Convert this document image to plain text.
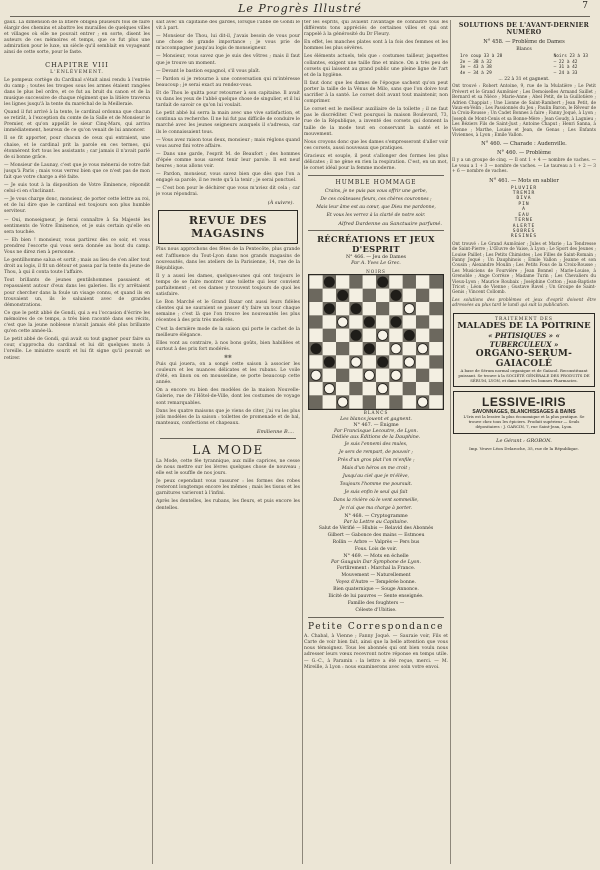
Le Progrès Illustré	7

gaux. La dimension de la litière obligea plusieurs fois de faire élargir des chemins et abattre les murailles de quelques villes et villages où elle ne pouvait entrer ; en sorte, disent les auteurs de ces mémoires et temps, que ce fut plus une admiration pour le luxe, un siècle qu'il semblait en voyageant ainsi de cette sorte, pour le faste.

CHAPITRE VIII
L'ENLÈVEMENT.

Le pompeux cortège du Cardinal s'était ainsi rendu à l'entrée du camp ; toutes les troupes sous les armes étaient rangées dans le plus bel ordre, et ce fut au bruit du canon et de la musique successive de chaque régiment que la litière traversa les lignes jusqu'à la tente du maréchal de la Meilleraie.

Quand il fut arrivé à la tente, le cardinal ordonna que chacun se retirât, à l'exception du comte de la Salle et de Monsieur le Premier, et qu'on appelât le sieur Cinq-Mars, qui arriva immédiatement, heureux de ce qu'on venait de lui annoncer.

Il se fit apporter, pour chacun de ceux qui entraient, une chaise, et le cardinal prit la parole en ces termes, qui étonnèrent fort tous les assistants ; car jamais il n'avait parlé de si bonne grâce.

— Monsieur de Launay, c'est que je vous mènerai de votre fait jusqu'à Paris ; mais vous verrez bien que ce n'est pas de mon fait que votre charge a été faite.

— Je suis tout à la disposition de Votre Éminence, répondit celui-ci en s'inclinant.

— Je vous charge donc, monsieur, de porter cette lettre au roi, et de lui dire que le cardinal est toujours son plus humble serviteur.

— Oui, monseigneur, je ferai connaître à Sa Majesté les sentiments de Votre Éminence, et je suis certain qu'elle en sera touchée.

— Eh bien ! monsieur, vous partirez dès ce soir, et vous prendrez l'escorte qui vous sera donnée au bout du camp. Vous ne direz rien à personne.

Le gentilhomme salua et sortit ; mais au lieu de s'en aller tout droit au logis, il fit un détour et passa par la tente du jeune de Thou, à qui il conta toute l'affaire.

Tout brillants de jeunes gentilshommes passaient et repassaient autour d'eux dans les galeries. Ils s'y arrêtaient pour chercher dans la foule un visage connu, et quand ils en trouvaient un, ils le saluaient avec de grandes démonstrations.

Ce que le petit abbé de Gondi, qui a eu l'occasion d'écrire les mémoires de ce temps, a très bien raconté dans ses récits, c'est que la jeune noblesse n'avait jamais été plus brillante qu'en cette année-là.

Le petit abbé de Gondi, qui avait su tout gagner pour faire sa cour, s'approcha du cardinal et lui dit quelques mots à l'oreille. Le ministre sourit et lui fit signe qu'il pouvait se retirer.

sait avec un capitaine des gardes, lorsque l'abbé de Gondi le vit à part.

— Monsieur de Thou, lui dit-il, j'avais besoin de vous pour une chose de grande importance ; je vous prie de m'accompagner jusqu'au logis de monseigneur.

— Monsieur, vous savez que je suis des vôtres ; mais il faut que je trouve un moment.

— Devant le bastion espagnol, s'il vous plaît.

— Pardon si je retourne à une conversation qui m'intéresse beaucoup ; je serai exact au rendez-vous.

Et de Thou le quitta pour retourner à son capitaine. Il avait vu dans les yeux de l'abbé quelque chose de singulier, et il lui tardait de savoir ce qu'on lui voulait.

Le petit abbé lui serra la main avec une vive satisfaction, et continua sa recherche. Il ne lui fut pas difficile de conduire le marché avec les jeunes seigneurs auxquels il s'adressa, car ils le connaissaient tous.

— Vous avez raison tous deux, monsieur ; mais réglons quand vous aurez fini votre affaire.

— Dans une garde, l'esprit M. de Beaufort ; des hommes d'épée comme nous savent tenir leur parole. Il est neuf heures ; nous allons voir.

— Pardon, monsieur, vous savez bien que dès que l'on a engagé sa parole, il ne reste qu'à la tenir ; je serai ponctuel.

— C'est bon pour le déchirer que vous m'aviez dit cela ; car je vous répondrai.

(À suivre).
REVUE DES MAGASINS

Plus nous approchons des fêtes de la Pentecôte, plus grande est l'affluence du Tout-Lyon dans nos grands magasins de nouveautés, dans les ateliers de la Parisienne, 14, rue de la République.

Il y a aussi les dames, quelques-unes qui ont toujours le temps de se faire montrer une toilette qui leur convient parfaitement ; et ces dames y trouvent toujours de quoi les satisfaire.

Le Bon Marché et le Grand Bazar ont aussi leurs fidèles clientes qui ne sauraient se passer d'y faire un tour chaque semaine ; c'est là que l'on trouve les nouveautés les plus récentes à des prix très modérés.

C'est la dernière mode de la saison qui porte le cachet de la meilleure élégance.

Elles vont au contraire, à nos bons goûts, bien habillées et surtout à des prix fort modérés.

✻✻

Puis qui jouera, on a songé cette saison à associer les couleurs et les nuances délicates et les rubans. Le voile d'été, en linon ou en mousseline, se porte beaucoup cette année.

On a encore vu bien des modèles de la maison Nouvelle-Galerie, rue de l'Hôtel-de-Ville, dont les costumes de voyage sont remarquables.

Dans les quatre maisons que je viens de citer, j'ai vu les plus jolis modèles de la saison : toilettes de promenade et de bal, manteaux, confections et chapeaux.

Emilienne B....
LA MODE

La Mode, cette fée tyrannique, aux mille caprices, ne cesse de nous mettre sur les lèvres quelques chose de nouveau ; elle est le souffle de nos jours.

Je peux cependant vous rassurer : les formes des robes resteront longtemps encore les mêmes ; mais les tissus et les garnitures varieront à l'infini.

Après les dentelles, les rubans, les fleurs, et puis encore les dentelles.

ter les esprits, qui avaient l'avantage de connaître tous les différents tons appréciés de certaines villes et qui ont rappelé à la générosité du Dr Fleury.

En effet, les manches plates sont à la fois des femmes et les hommes les plus sévères.

Les éléments actuels, tels que : costumes tailleur, jaquettes collantes, exigent une taille fine et mince. On a très peu de corsets qui laissent au grand public une pleine ligne de l'art et de la hygiène.

Il faut donc que les dames de l'époque sachent qu'on peut porter la taille de la Vénus de Milo, sans que l'on doive tout sacrifier à la santé. Le corset doit avant tout maintenir, non comprimer.

Le corset est le meilleur auxiliaire de la toilette ; il ne faut pas le discréditer. C'est pourquoi la maison Boulevard, 73, rue de la République, a inventé des corsets qui donnent la taille de la mode tout en conservant la santé et le mouvement.

Nous croyons donc que les dames s'empresseront d'aller voir ces corsets, aussi nouveaux que pratiques.

Gracieux et souple, il peut s'allonger des formes les plus délicates ; il ne gène en rien la respiration. C'est, en un mot, le corset idéal pour la femme moderne.

HUMBLE HOMMAGE
Crains, je ne puis pas vous offrir une gerbe,
De ces coûteuses fleurs, ces chères couronnes ;
Mais leur âme est au cœur, que Dieu me pardonne,
Et vous les verrez à la clarté de notre soir.
Alfred Dardenne au Sanctuaire parfumé.
RÉCRÉATIONS ET JEUX D'ESPRIT
N° 466. — Jeu de Dames
Par A. Yves Le Grec.
NOIRS
BLANCS
Les blancs jouent et gagnent.
N° 467. — Énigme
Par Francisque Lecoutre, de Lyon.
Dédiée aux Éditions de la Dauphine.
Je suis l'ennemi des mules,
Je sers de rempart, de pouvoir ;
Près d'un gros plat l'on m'enfile ;
Mais d'un héros on me croit ;
Jusqu'au ciel que je m'élève,
Toujours l'homme me poursuit.
Je suis enfin le seul qui fait
Dans la rivière où le vent sommeille,
Je n'ai que ma charge à porter.
N° 468. — Cryptogramme
Par la Lettre au Capitaine.
Salut de Vérifié — Hlubis — Relavid des Abonnés
Gilbert — Gabonce des mains — Estmoeu
Rollin — Arbre — Valprès — Pers bus
Fous. Lois de voir.
N° 469. — Mots en échelle
Par Gauguin Dar Symphone de Lyon.
Fortlirement : Marchal la France.
Mouvement — Naturellement
Voyez d'Autre — Tempérée bonne.
Bien quaternique — Souge Annonce.
Ilicité de lui pauvres — Sente enseignée.
Famille des foughters —
Céleste d'Ubitise.
Petite Correspondance

A. Chabal, à Vienne ; Fanny Joqué. — Sauraie voir, Fils et Carte de voir bien fait, ainsi que la belle attention que vous nous témoignez. Tous les abonnés qui ont bien voulu nous adresser leurs vœux recevront notre réponse en temps utile. — G.-C., à Paramin : la lettre a été reçue, merci. — M. Mireille, à Lyon : nous examinerons avec soin votre envoi.

SOLUTIONS DE L'AVANT-DERNIER NUMÉRO
N° 458. — Problème de Dames
Blancs
1re coup 33 à 28
2e — 38 à 32
3e — 43 à 38
4e — 34 à 29
Noirs 23 à 33
— 22 à 42
— 31 à 42
— 24 à 33
... 22 à 31 et gagnent.

Ont trouvé : Robert Antoine, 9, rue de la Mulatière ; Le Petit Prévert et le Grand Aumônier ; Les Demoiselles Armand Saillet ; Bernard et sa Nièce ; Marie-Anne ; Abel Petit, de la Guillotière ; Adrien Chappiat ; Une Lionne de Saint-Rambert ; Jean Petit, de Vaux-en-Velin ; Les Passionnés du Jeu ; Paulin Baron, le Rêveur de la Croix-Rousse ; Un Cadet Bonnes à faire ; Fanny Joqué, à Lyon ; Joseph de Mont-Cenis et sa Bonne-Mère ; Jean Goudy, à Lagnieu ; Les Béziers Fils de Saint-Just ; Antoine Chaput ; Henri Sanna, à Vienne ; Marthe, Louise et Jean, de Genas ; Les Enfants Viviennes, à Lyon ; Emile Vallon.

N° 460. — Charade : Audenville.
N° 460. — Problème

Il y a un groupe de cinq. — Il ont 1 + 4 — nombre de vaches. — Le veau a 1 + 3 — nombre de vaches. — Le taureau a 1 + 2 — 3 + 6 — nombre de vaches.

N° 461. — Mots en sablier
PLUVIER
TREMIR
DIVA
PIN
A
EAU
TERNE
ALERTE
SOBRES
RESINES

Ont trouvé : Le Grand Aumônier ; Jules et Marie ; La Tendresse de Saint-Pierre ; L'Œuvre de Vaise, à Lyon ; Le Sport des Jeunes ; Louise Paillet ; Les Petits Chimistes ; Les Filles de Saint-Romain ; Fanny Joqué ; Un Dauphinois ; Émile Vallon ; Jeanne et son Cousin ; Alexandre Moulin ; Les Petits Fous de la Croix-Rousse ; Les Musiciens de Fourvière ; Jean Bonnel ; Marie-Louise, à Grenoble ; Ange Corrèze ; Madame Turin ; Les Chevaliers du Vieux-Lyon ; Maurice Roubaix ; Joséphine Cotton ; Jean-Baptiste Tricot ; Léon de Vienne ; Gustave Ravel ; Un Groupe de Saint-Genis ; Vincent Collomb.

Les solutions des problèmes et jeux d'esprit doivent être adressées au plus tard le lundi qui suit la publication.

TRAITEMENT DES
MALADES DE LA POITRINE
« PHTISIQUES » « TUBERCULEUX »
ORGANO-SERUM-GAIACOLÉ
A base de Sérum normal organique et de Gaïacol. Reconstituant puissant. Se trouve à la SOCIÉTÉ GÉNÉRALE DES PRODUITS DE SÉRUM, LYON, et dans toutes les bonnes Pharmacies.
LESSIVE-IRIS
SAVONNAGES, BLANCHISSAGES & BAINS
L'Iris est la lessive la plus économique et la plus pratique. Se trouve chez tous les épiciers. Produit supérieur — Seuls dépositaires : J. GARCIN, 7, rue Saint-Jean, Lyon.
Le Gérant : GROBON.
Imp. Veuve Léon Delaroche, 35, rue de la République.
